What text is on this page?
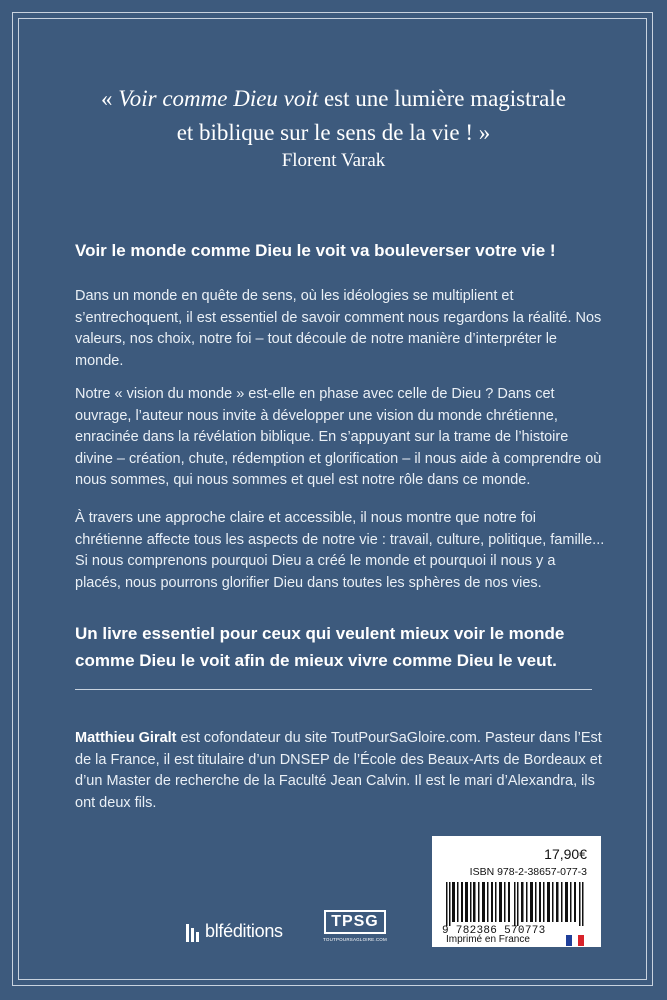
« Voir comme Dieu voit est une lumière magistrale
et biblique sur le sens de la vie ! »
Florent Varak
Voir le monde comme Dieu le voit va bouleverser votre vie !

Dans un monde en quête de sens, où les idéologies se multiplient et s’entrechoquent, il est essentiel de savoir comment nous regardons la réalité. Nos valeurs, nos choix, notre foi – tout découle de notre manière d’interpréter le monde.

Notre « vision du monde » est-elle en phase avec celle de Dieu ? Dans cet ouvrage, l’auteur nous invite à développer une vision du monde chrétienne, enracinée dans la révélation biblique. En s’appuyant sur la trame de l’histoire divine – création, chute, rédemption et glorification – il nous aide à comprendre où nous sommes, qui nous sommes et quel est notre rôle dans ce monde.

À travers une approche claire et accessible, il nous montre que notre foi chrétienne affecte tous les aspects de notre vie : travail, culture, politique, famille... Si nous comprenons pourquoi Dieu a créé le monde et pourquoi il nous y a placés, nous pourrons glorifier Dieu dans toutes les sphères de nos vies.

Un livre essentiel pour ceux qui veulent mieux voir le monde comme Dieu le voit afin de mieux vivre comme Dieu le veut.

Matthieu Giralt est cofondateur du site ToutPourSaGloire.com. Pasteur dans l’Est de la France, il est titulaire d’un DNSEP de l’École des Beaux-Arts de Bordeaux et d’un Master de recherche de la Faculté Jean Calvin. Il est le mari d’Alexandra, ils ont deux fils.

17,90€
ISBN 978-2-38657-077-3
9 782386 570773
Imprimé en France
blféditions	TPSG
TOUTPOURSAGLOIRE.COM
